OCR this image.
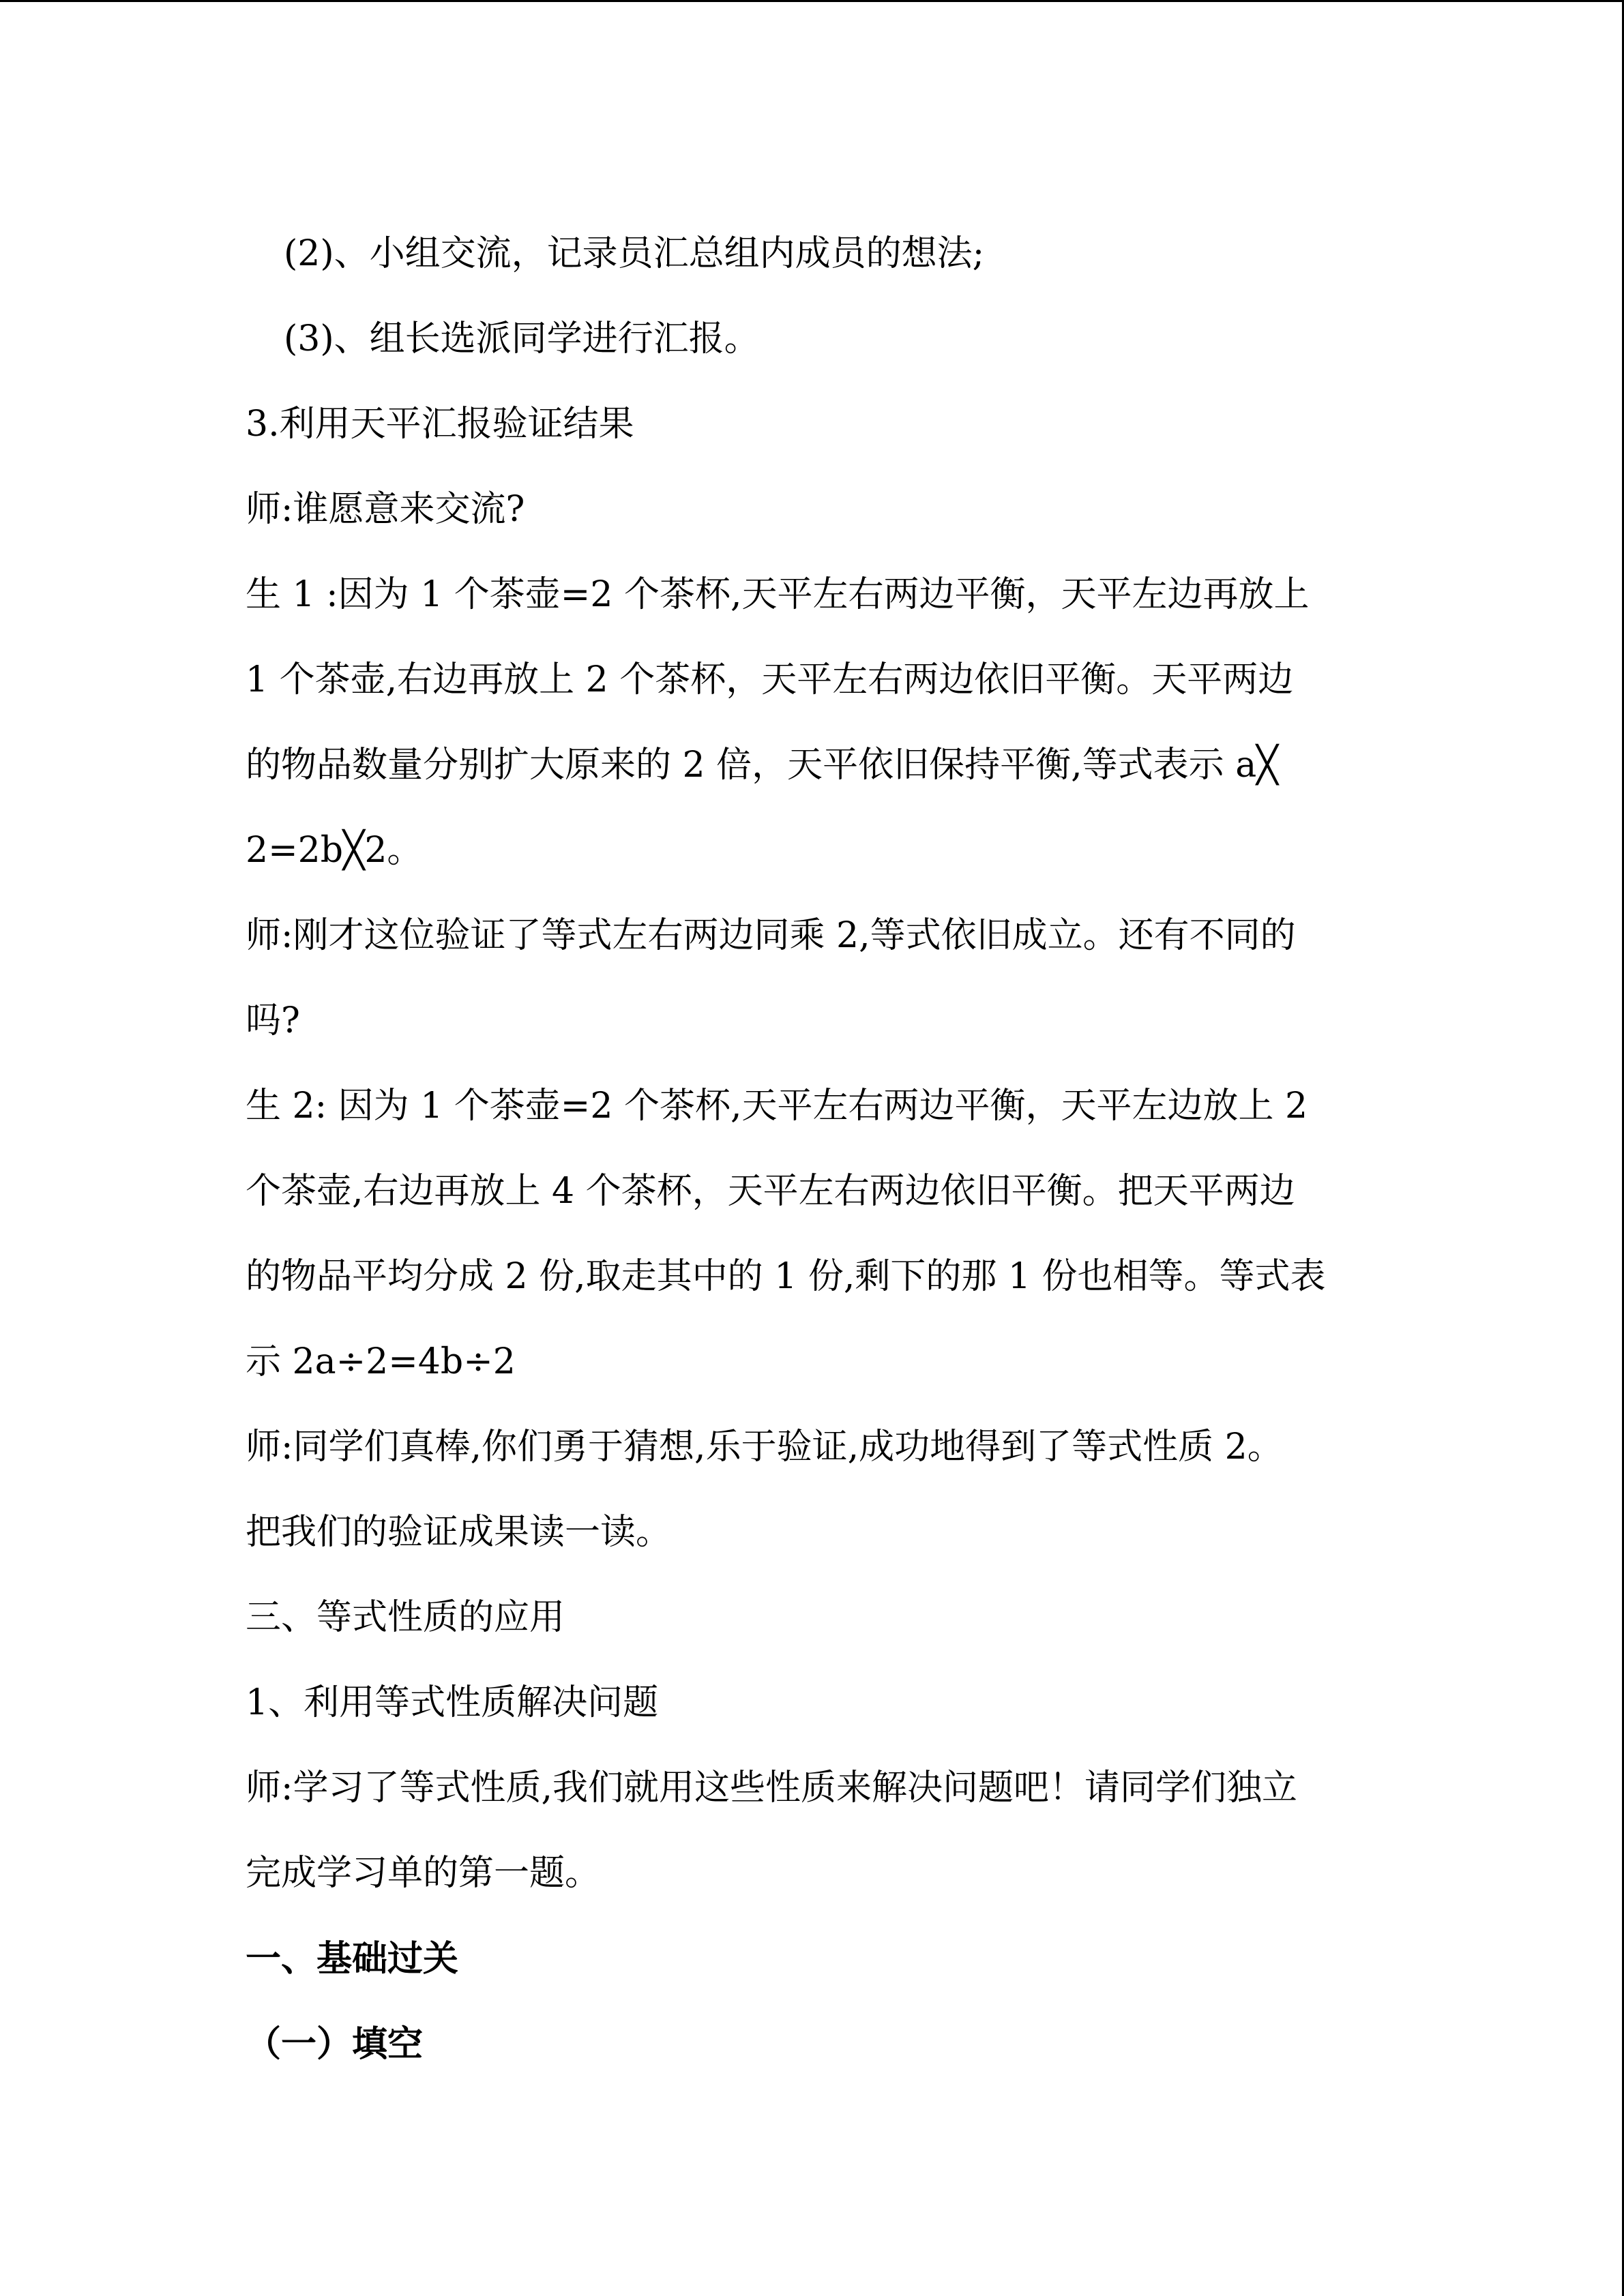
(2)、小组交流，记录员汇总组内成员的想法;
(3)、组长选派同学进行汇报。
3.利用天平汇报验证结果
师:谁愿意来交流?
生 1 :因为 1 个茶壶=2 个茶杯,天平左右两边平衡，天平左边再放上
1 个茶壶,右边再放上 2 个茶杯，天平左右两边依旧平衡。天平两边
的物品数量分别扩大原来的 2 倍，天平依旧保持平衡,等式表示 a╳
2=2b╳2。
师:刚才这位验证了等式左右两边同乘 2,等式依旧成立。还有不同的
吗?
生 2: 因为 1 个茶壶=2 个茶杯,天平左右两边平衡，天平左边放上 2
个茶壶,右边再放上 4 个茶杯，天平左右两边依旧平衡。把天平两边
的物品平均分成 2 份,取走其中的 1 份,剩下的那 1 份也相等。等式表
示 2a÷2=4b÷2
师:同学们真棒,你们勇于猜想,乐于验证,成功地得到了等式性质 2。
把我们的验证成果读一读。
三、等式性质的应用
1、利用等式性质解决问题
师:学习了等式性质,我们就用这些性质来解决问题吧！请同学们独立
完成学习单的第一题。
一、基础过关
（一）填空
